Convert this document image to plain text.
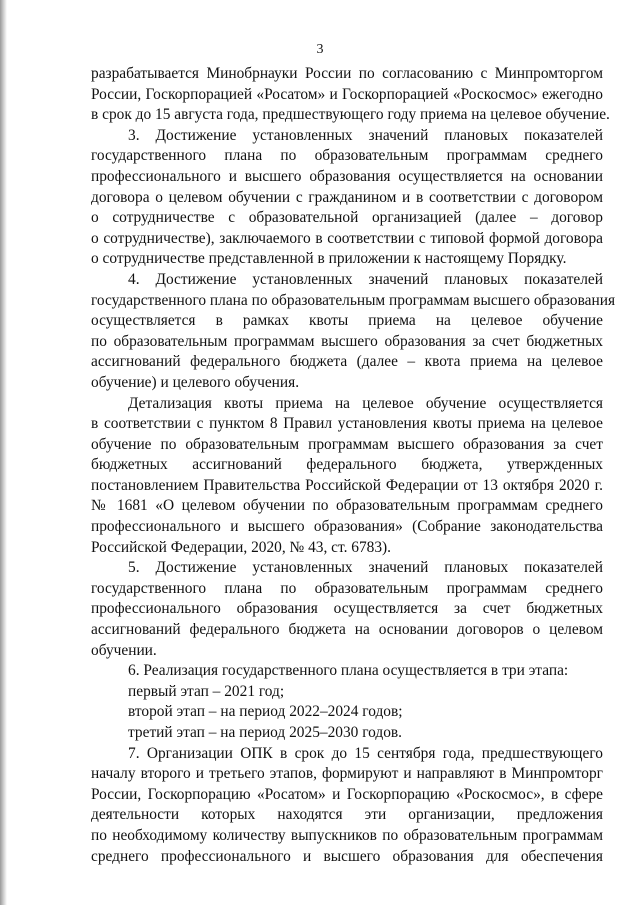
3
разрабатывается Минобрнауки России по согласованию с Минпромторгом
России, Госкорпорацией «Росатом» и Госкорпорацией «Роскосмос» ежегодно
в срок до 15 августа года, предшествующего году приема на целевое обучение.
3. Достижение установленных значений плановых показателей
государственного плана по образовательным программам среднего
профессионального и высшего образования осуществляется на основании
договора о целевом обучении с гражданином и в соответствии с договором
о сотрудничестве с образовательной организацией (далее – договор
о сотрудничестве), заключаемого в соответствии с типовой формой договора
о сотрудничестве представленной в приложении к настоящему Порядку.
4. Достижение установленных значений плановых показателей
государственного плана по образовательным программам высшего образования
осуществляется в рамках квоты приема на целевое обучение
по образовательным программам высшего образования за счет бюджетных
ассигнований федерального бюджета (далее – квота приема на целевое
обучение) и целевого обучения.
Детализация квоты приема на целевое обучение осуществляется
в соответствии с пунктом 8 Правил установления квоты приема на целевое
обучение по образовательным программам высшего образования за счет
бюджетных ассигнований федерального бюджета, утвержденных
постановлением Правительства Российской Федерации от 13 октября 2020 г.
№ 1681 «О целевом обучении по образовательным программам среднего
профессионального и высшего образования» (Собрание законодательства
Российской Федерации, 2020, № 43, ст. 6783).
5. Достижение установленных значений плановых показателей
государственного плана по образовательным программам среднего
профессионального образования осуществляется за счет бюджетных
ассигнований федерального бюджета на основании договоров о целевом
обучении.
6. Реализация государственного плана осуществляется в три этапа:
первый этап – 2021 год;
второй этап – на период 2022–2024 годов;
третий этап – на период 2025–2030 годов.
7. Организации ОПК в срок до 15 сентября года, предшествующего
началу второго и третьего этапов, формируют и направляют в Минпромторг
России, Госкорпорацию «Росатом» и Госкорпорацию «Роскосмос», в сфере
деятельности которых находятся эти организации, предложения
по необходимому количеству выпускников по образовательным программам
среднего профессионального и высшего образования для обеспечения
